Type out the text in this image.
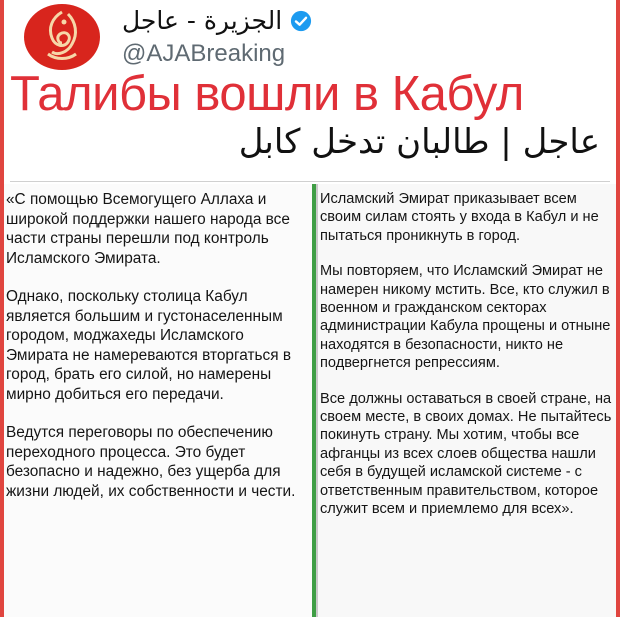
الجزيرة - عاجل
@AJABreaking
Талибы вошли в Кабул
عاجل | طالبان تدخل كابل

«С помощью Всемогущего Аллаха и широкой поддержки нашего народа все части страны перешли под контроль Исламского Эмирата.

Однако, поскольку столица Кабул является большим и густонаселенным городом, моджахеды Исламского Эмирата не намереваются вторгаться в город, брать его силой, но намерены мирно добиться его передачи.

Ведутся переговоры по обеспечению переходного процесса. Это будет безопасно и надежно, без ущерба для жизни людей, их собственности и чести.

Исламский Эмират приказывает всем своим силам стоять у входа в Кабул и не пытаться проникнуть в город.

Мы повторяем, что Исламский Эмират не намерен никому мстить. Все, кто служил в военном и гражданском секторах администрации Кабула прощены и отныне находятся в безопасности, никто не подвергнется репрессиям.

Все должны оставаться в своей стране, на своем месте, в своих домах. Не пытайтесь покинуть страну. Мы хотим, чтобы все афганцы из всех слоев общества нашли себя в будущей исламской системе - с ответственным правительством, которое служит всем и приемлемо для всех».
